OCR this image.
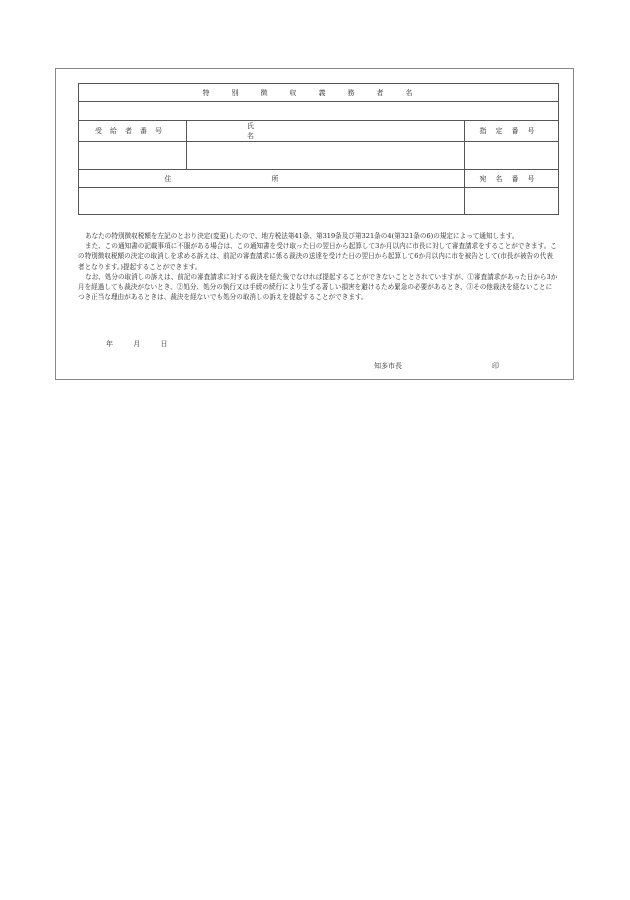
特別徴収義務者名		

受給者番号	氏名	指定番号

住所		宛名番号

あなたの特別徴収税額を左記のとおり決定(変更)したので、地方税法第41条、第319条及び第321条の4(第321条の6)の規定によって通知します。

また、この通知書の記載事項に不服がある場合は、この通知書を受け取った日の翌日から起算して3か月以内に市長に対して審査請求をすることができます。この特別徴収税額の決定の取消しを求める訴えは、前記の審査請求に係る裁決の送達を受けた日の翌日から起算して6か月以内に市を被告として(市長が被告の代表者となります。)提起することができます。

なお、処分の取消しの訴えは、前記の審査請求に対する裁決を経た後でなければ提起することができないこととされていますが、①審査請求があった日から3か月を経過しても裁決がないとき、②処分、処分の執行又は手続の続行により生ずる著しい損害を避けるため緊急の必要があるとき、③その他裁決を経ないことにつき正当な理由があるときは、裁決を経ないでも処分の取消しの訴えを提起することができます。

年 月 日
知多市長	印
